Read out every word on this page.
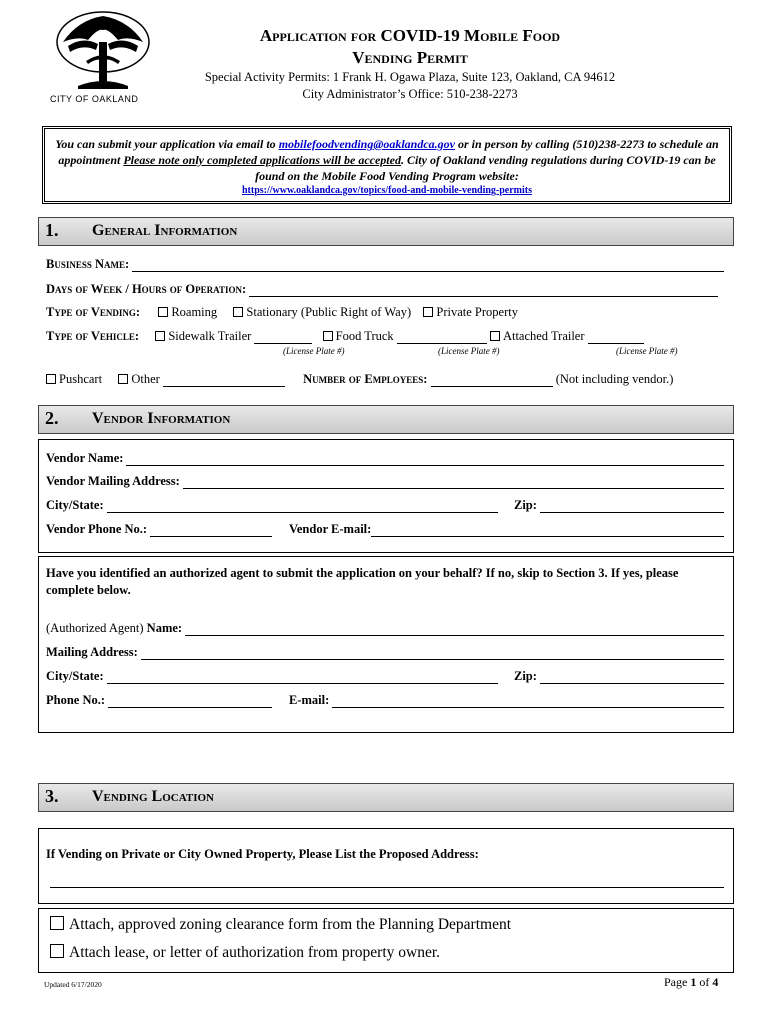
CITY OF OAKLAND
Application for COVID-19 Mobile Food
Vending Permit
Special Activity Permits: 1 Frank H. Ogawa Plaza, Suite 123, Oakland, CA 94612
City Administrator’s Office: 510-238-2273
You can submit your application via email to mobilefoodvending@oaklandca.gov or in person by calling (510)238-2273 to schedule an appointment Please note only completed applications will be accepted. City of Oakland vending regulations during COVID-19 can be found on the Mobile Food Vending Program website:
https://www.oaklandca.gov/topics/food-and-mobile-vending-permits
1. General Information
Business Name:
Days of Week / Hours of Operation:
Type of Vending:	Roaming Stationary (Public Right of Way) Private Property
Type of Vehicle: Sidewalk Trailer	Food Truck	Attached Trailer
(License Plate #)	(License Plate #)	(License Plate #)
Pushcart Other	Number of Employees:	(Not including vendor.)
2. Vendor Information
Vendor Name:
Vendor Mailing Address:
City/State:	Zip:
Vendor Phone No.:	Vendor E-mail:
Have you identified an authorized agent to submit the application on your behalf? If no, skip to Section 3. If yes, please complete below.
(Authorized Agent)
Name:
Mailing Address:
City/State:	Zip:
Phone No.:	E-mail:
3. Vending Location
If Vending on Private or City Owned Property, Please List the Proposed Address:
Attach, approved zoning clearance form from the Planning Department
Attach lease, or letter of authorization from property owner.
Updated 6/17/2020	Page 1 of 4
